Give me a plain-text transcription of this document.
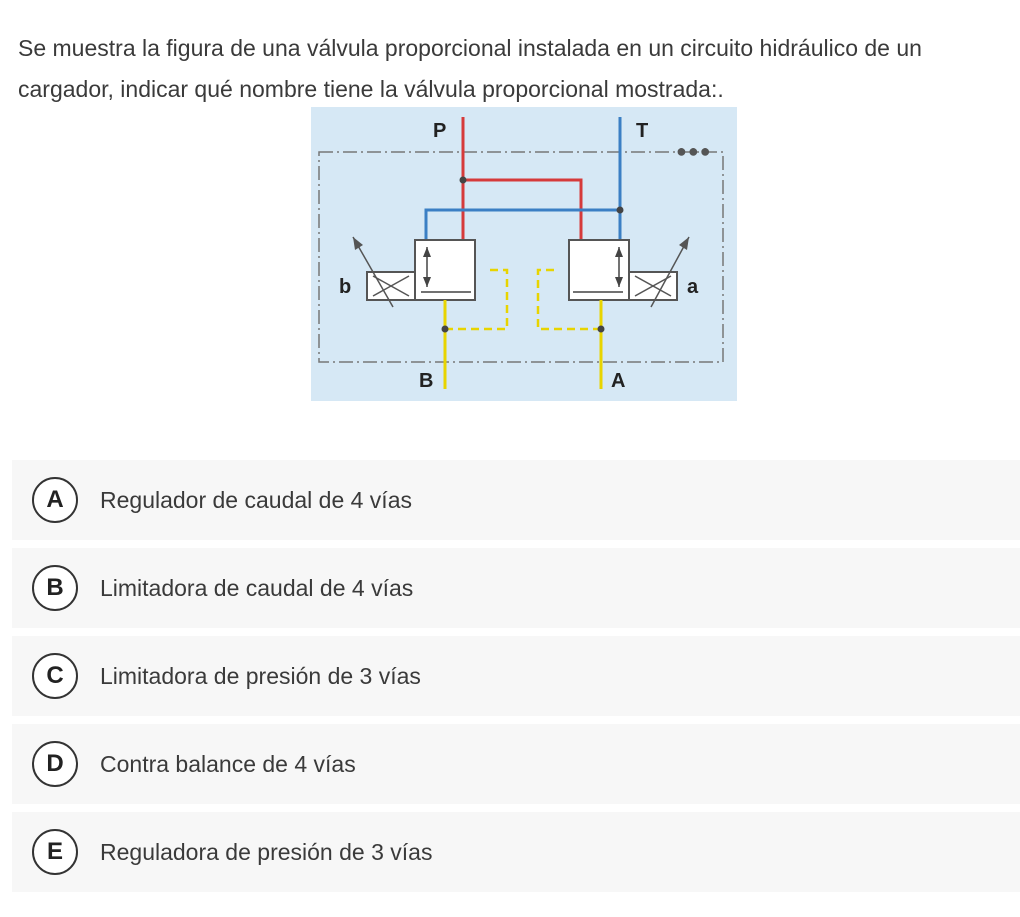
Se muestra la figura de una válvula proporcional instalada en un circuito hidráulico de un cargador, indicar qué nombre tiene la válvula proporcional mostrada:.
P	T
b	a
B	A
●●●
A	Regulador de caudal de 4 vías
B	Limitadora de caudal de 4 vías
C	Limitadora de presión de 3 vías
D	Contra balance de 4 vías
E	Reguladora de presión de 3 vías
